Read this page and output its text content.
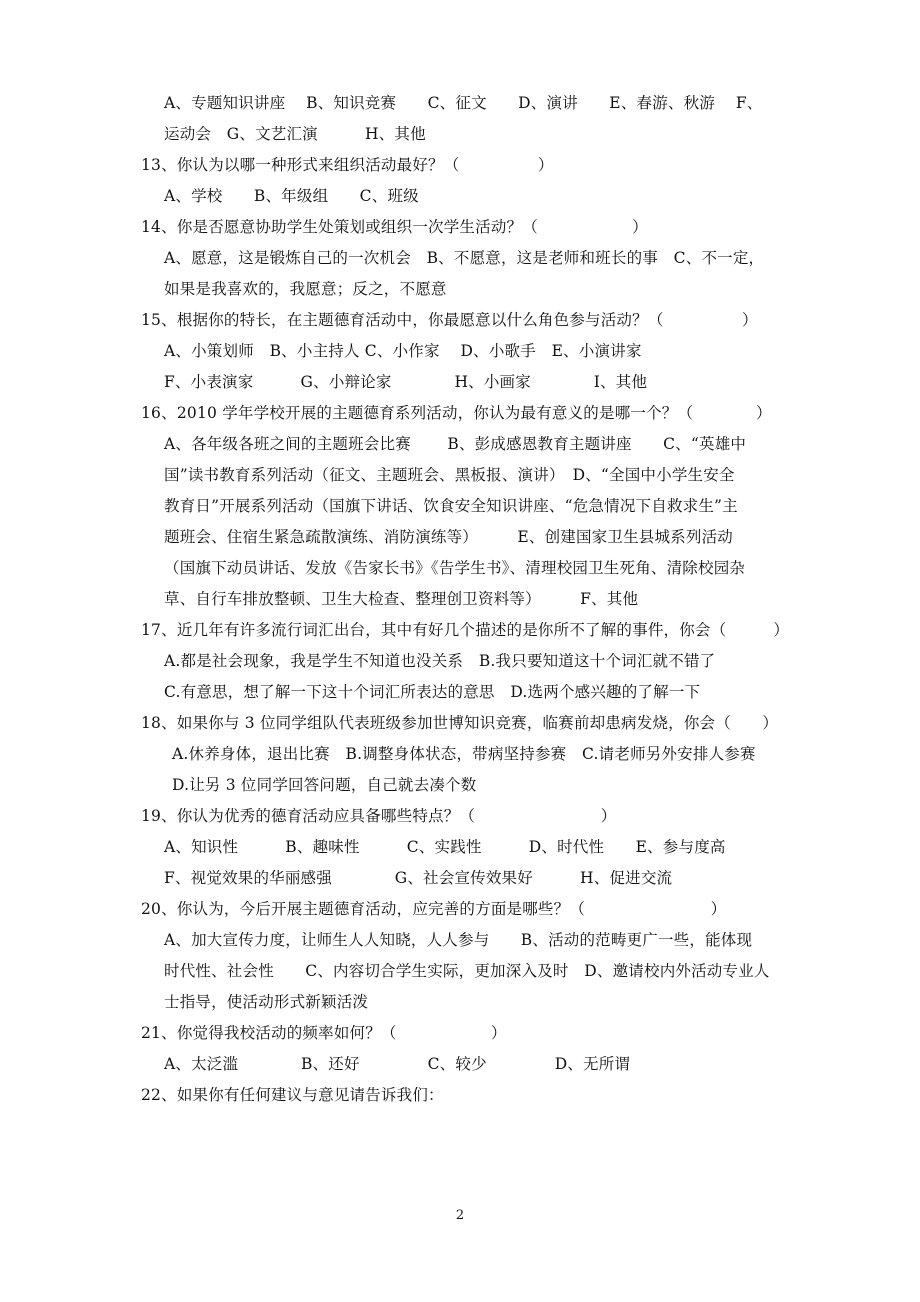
A、专题知识讲座　 B、知识竞赛　　C、征文　　D、演讲　　E、春游、秋游　 F、
运动会　G、文艺汇演　　　H、其他
13、你认为以哪一种形式来组织活动最好？（　　　　　）
A、学校　　B、年级组　　C、班级
14、你是否愿意协助学生处策划或组织一次学生活动？（　　　　　　）
A、愿意，这是锻炼自己的一次机会　B、不愿意，这是老师和班长的事　C、不一定，
如果是我喜欢的，我愿意；反之，不愿意
15、根据你的特长，在主题德育活动中，你最愿意以什么角色参与活动？（　　　　　）
A、小策划师　B、小主持人 C、小作家　 D、小歌手　E、小演讲家
F、小表演家　　　G、小辩论家　　　　H、小画家　　　　I、其他
16、2010 学年学校开展的主题德育系列活动，你认为最有意义的是哪一个？（　　　　）
A、各年级各班之间的主题班会比赛　　 B、彭成感恩教育主题讲座　　C、“英雄中
国”读书教育系列活动（征文、主题班会、黑板报、演讲）　D、“全国中小学生安全
教育日”开展系列活动（国旗下讲话、饮食安全知识讲座、“危急情况下自救求生”主
题班会、住宿生紧急疏散演练、消防演练等）　　　E、创建国家卫生县城系列活动
（国旗下动员讲话、发放《告家长书》《告学生书》、清理校园卫生死角、清除校园杂
草、自行车排放整顿、卫生大检查、整理创卫资料等）　　　F、其他
17、近几年有许多流行词汇出台，其中有好几个描述的是你所不了解的事件，你会（　　　）
A.都是社会现象，我是学生不知道也没关系　B.我只要知道这十个词汇就不错了
C.有意思，想了解一下这十个词汇所表达的意思　D.选两个感兴趣的了解一下
18、如果你与 3 位同学组队代表班级参加世博知识竞赛，临赛前却患病发烧，你会（　　）
A.休养身体，退出比赛　B.调整身体状态，带病坚持参赛　C.请老师另外安排人参赛
D.让另 3 位同学回答问题，自己就去凑个数
19、你认为优秀的德育活动应具备哪些特点？（　　　　　　　　）
A、知识性　　　B、趣味性　　　C、实践性　　　D、时代性　　E、参与度高
F、视觉效果的华丽感强　　　　G、社会宣传效果好　　　H、促进交流
20、你认为，今后开展主题德育活动，应完善的方面是哪些？（　　　　　　　　）
A、加大宣传力度，让师生人人知晓，人人参与　　B、活动的范畴更广一些，能体现
时代性、社会性　　C、内容切合学生实际，更加深入及时　D、邀请校内外活动专业人
士指导，使活动形式新颖活泼
21、你觉得我校活动的频率如何？（　　　　　　）
A、太泛滥　　　　B、还好　　　　 C、较少　　　　 D、无所谓
22、如果你有任何建议与意见请告诉我们：
2
